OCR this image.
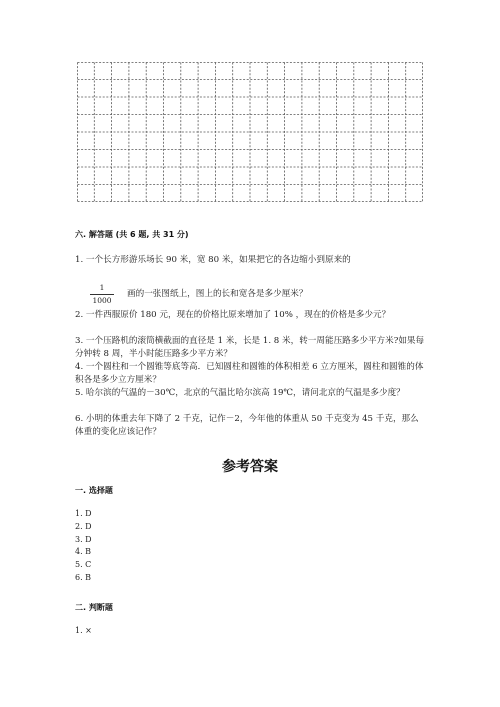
六. 解答题 (共 6 题, 共 31 分)
1. 一个长方形游乐场长 90 米，宽 80 米，如果把它的各边缩小到原来的
1
1000
画的一张图纸上，图上的长和宽各是多少厘米？
2. 一件西服原价 180 元，现在的价格比原来增加了 10% ，现在的价格是多少元？
3. 一个压路机的滚筒横截面的直径是 1 米，长是 1. 8 米，转一周能压路多少平方米?如果每分钟转 8 周，半小时能压路多少平方米？
4. 一个圆柱和一个圆锥等底等高．已知圆柱和圆锥的体积相差 6 立方厘米，圆柱和圆锥的体积各是多少立方厘米？
5. 哈尔滨的气温的－30℃，北京的气温比哈尔滨高 19℃，请问北京的气温是多少度？
6. 小明的体重去年下降了 2 千克，记作－2，今年他的体重从 50 千克变为 45 千克，那么体重的变化应该记作？
参考答案
一. 选择题
1. D
2. D
3. D
4. B
5. C
6. B
二. 判断题
1. ×
